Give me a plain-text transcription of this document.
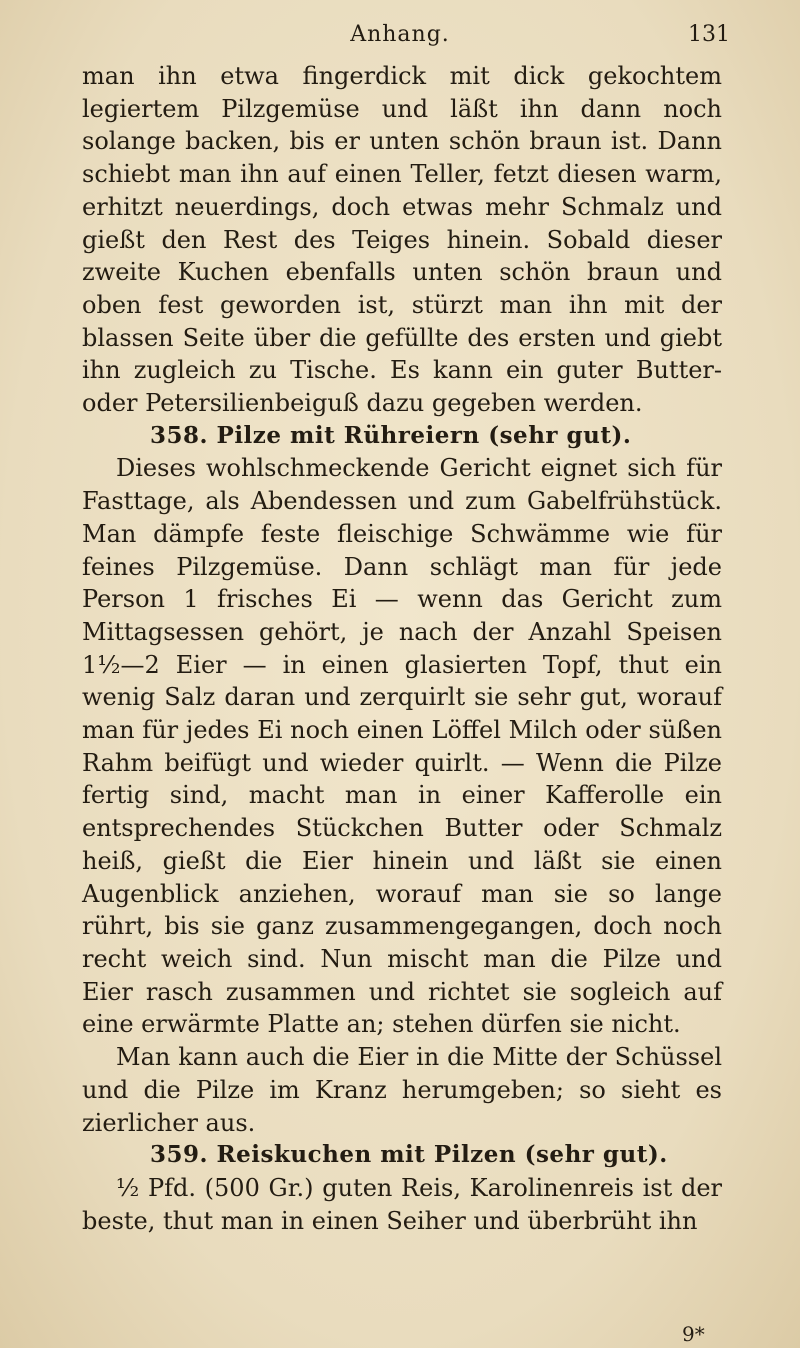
Anhang.	131

man ihn etwa fingerdick mit dick gekochtem legiertem Pilzgemüse und läßt ihn dann noch solange backen, bis er unten schön braun ist. Dann schiebt man ihn auf einen Teller, fetzt diesen warm, erhitzt neuerdings, doch etwas mehr Schmalz und gießt den Rest des Teiges hinein. Sobald dieser zweite Kuchen ebenfalls unten schön braun und oben fest geworden ist, stürzt man ihn mit der blassen Seite über die gefüllte des ersten und giebt ihn zugleich zu Tische. Es kann ein guter Butter- oder Petersilienbeiguß dazu gegeben werden.

358. Pilze mit Rühreiern (sehr gut).

Dieses wohlschmeckende Gericht eignet sich für Fasttage, als Abendessen und zum Gabelfrühstück. Man dämpfe feste fleischige Schwämme wie für feines Pilzgemüse. Dann schlägt man für jede Person 1 frisches Ei — wenn das Gericht zum Mittagsessen gehört, je nach der Anzahl Speisen 1½—2 Eier — in einen glasierten Topf, thut ein wenig Salz daran und zerquirlt sie sehr gut, worauf man für jedes Ei noch einen Löffel Milch oder süßen Rahm beifügt und wieder quirlt. — Wenn die Pilze fertig sind, macht man in einer Kafferolle ein entsprechendes Stückchen Butter oder Schmalz heiß, gießt die Eier hinein und läßt sie einen Augenblick anziehen, worauf man sie so lange rührt, bis sie ganz zusammengegangen, doch noch recht weich sind. Nun mischt man die Pilze und Eier rasch zusammen und richtet sie sogleich auf eine erwärmte Platte an; stehen dürfen sie nicht.

Man kann auch die Eier in die Mitte der Schüssel und die Pilze im Kranz herumgeben; so sieht es zierlicher aus.

359. Reiskuchen mit Pilzen (sehr gut).

½ Pfd. (500 Gr.) guten Reis, Karolinenreis ist der beste, thut man in einen Seiher und überbrüht ihn

9*
